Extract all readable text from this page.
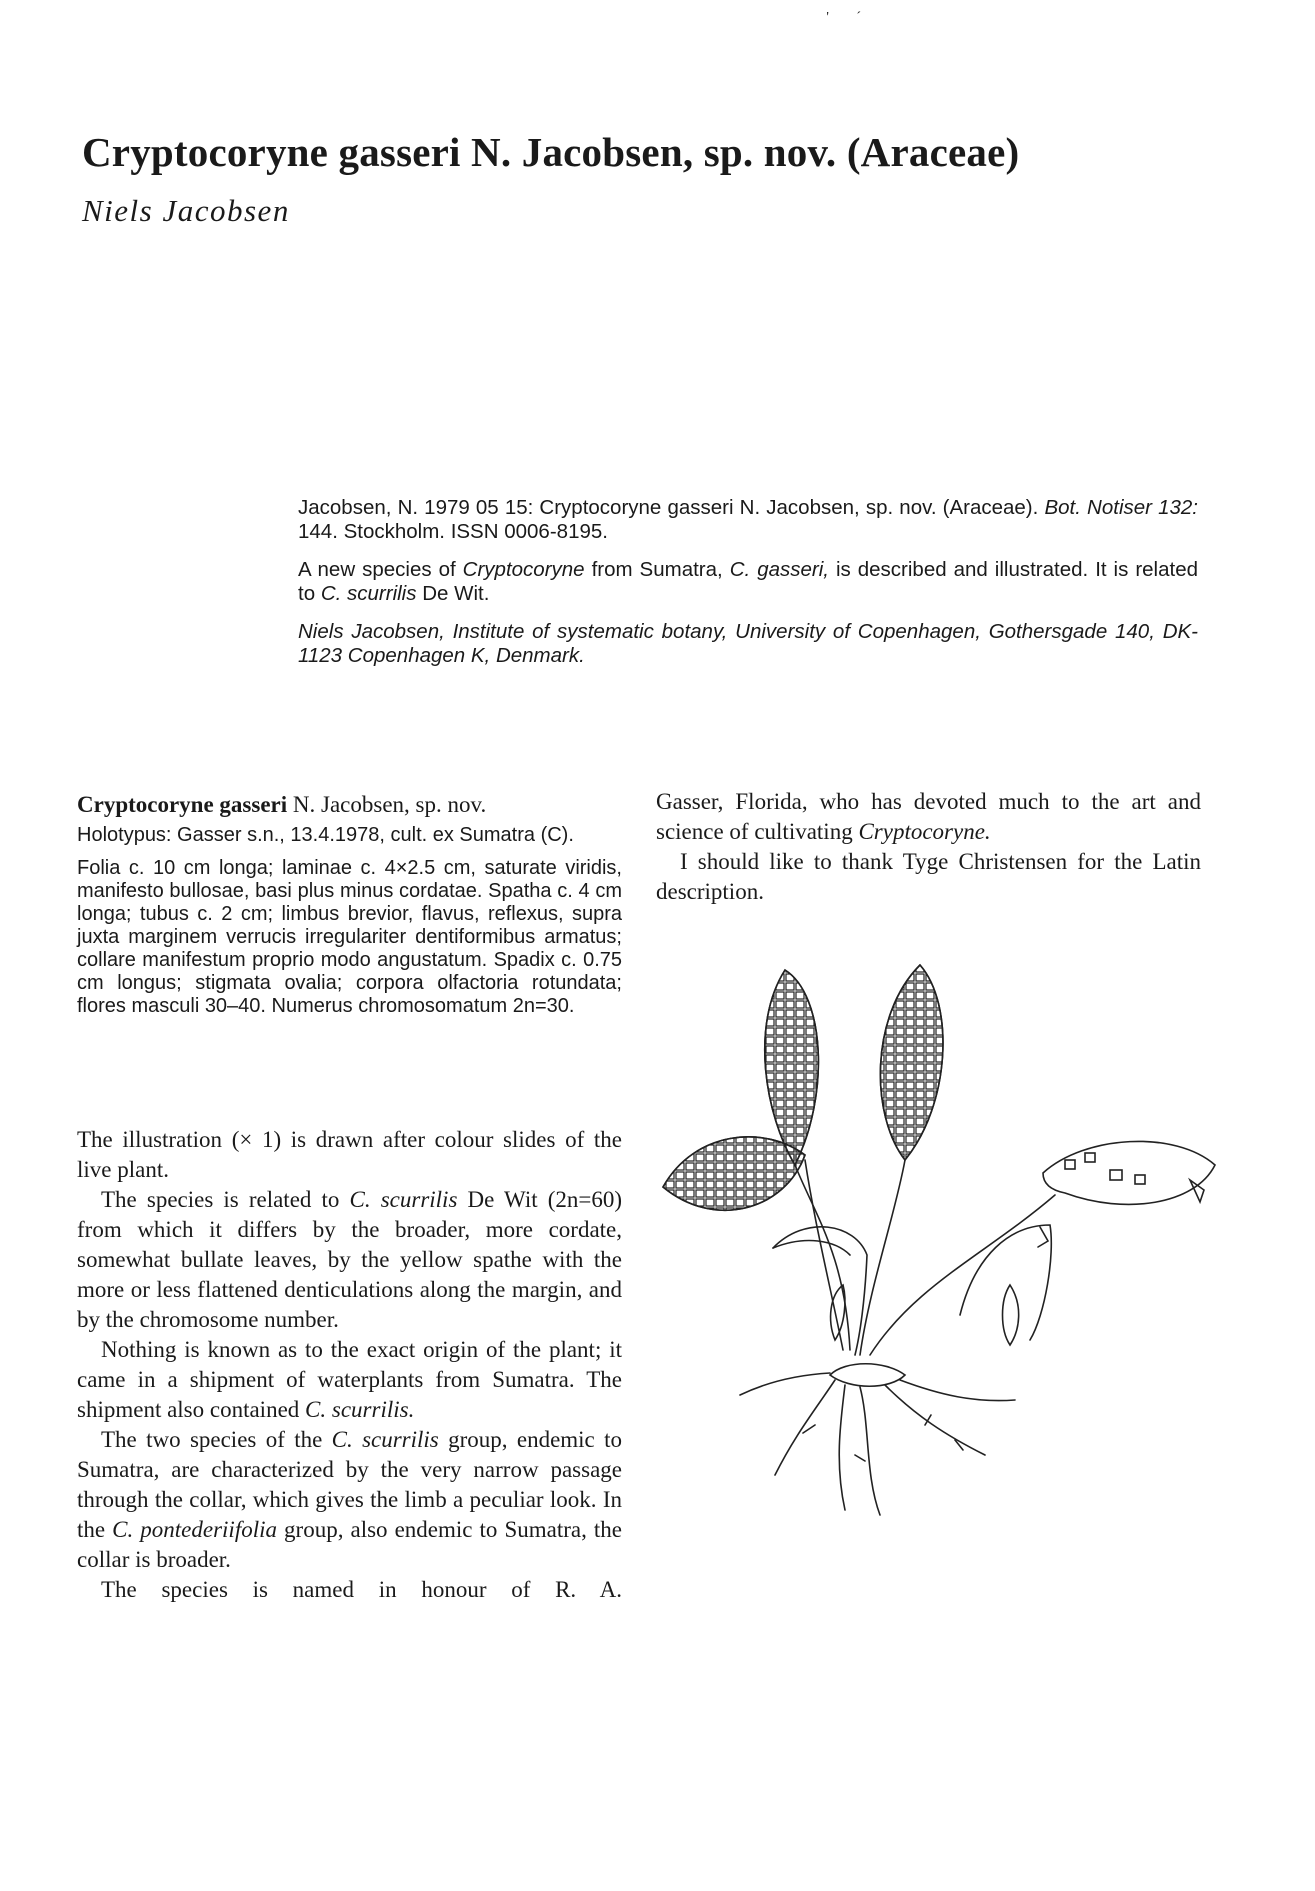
' ´
Cryptocoryne gasseri N. Jacobsen, sp. nov. (Araceae)
Niels Jacobsen

Jacobsen, N. 1979 05 15: Cryptocoryne gasseri N. Jacobsen, sp. nov. (Araceae). Bot. Notiser 132: 144. Stockholm. ISSN 0006-8195.

A new species of Cryptocoryne from Sumatra, C. gasseri, is described and illustrated. It is related to C. scurrilis De Wit.

Niels Jacobsen, Institute of systematic botany, University of Copenhagen, Gothersgade 140, DK-1123 Copenhagen K, Denmark.

Cryptocoryne gasseri N. Jacobsen, sp. nov.

Holotypus: Gasser s.n., 13.4.1978, cult. ex Sumatra (C).

Folia c. 10 cm longa; laminae c. 4×2.5 cm, saturate viridis, manifesto bullosae, basi plus minus cordatae. Spatha c. 4 cm longa; tubus c. 2 cm; limbus brevior, flavus, reflexus, supra juxta marginem verrucis irregulariter dentiformibus armatus; collare manifestum proprio modo angustatum. Spadix c. 0.75 cm longus; stigmata ovalia; corpora olfactoria rotundata; flores masculi 30–40. Numerus chromosomatum 2n=30.

The illustration (× 1) is drawn after colour slides of the live plant.

The species is related to C. scurrilis De Wit (2n=60) from which it differs by the broader, more cordate, somewhat bullate leaves, by the yellow spathe with the more or less flattened denticulations along the margin, and by the chromosome number.

Nothing is known as to the exact origin of the plant; it came in a shipment of waterplants from Sumatra. The shipment also contained C. scurrilis.

The two species of the C. scurrilis group, endemic to Sumatra, are characterized by the very narrow passage through the collar, which gives the limb a peculiar look. In the C. pontederiifolia group, also endemic to Sumatra, the collar is broader.

The species is named in honour of R. A.

Gasser, Florida, who has devoted much to the art and science of cultivating Cryptocoryne.

I should like to thank Tyge Christensen for the Latin description.
